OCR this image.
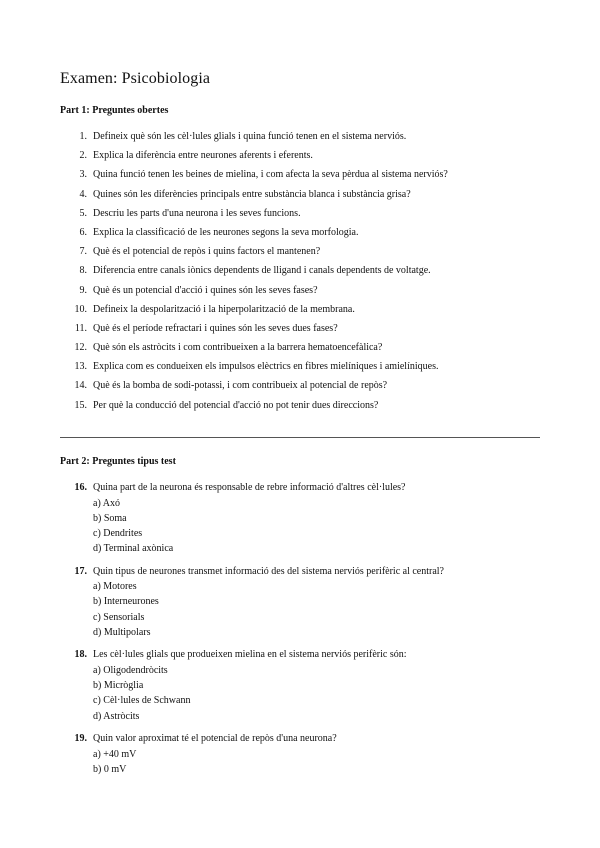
Examen: Psicobiologia
Part 1: Preguntes obertes
1. Defineix què són les cèl·lules glials i quina funció tenen en el sistema nerviós.
2. Explica la diferència entre neurones aferents i eferents.
3. Quina funció tenen les beines de mielina, i com afecta la seva pèrdua al sistema nerviós?
4. Quines són les diferències principals entre substància blanca i substància grisa?
5. Descriu les parts d'una neurona i les seves funcions.
6. Explica la classificació de les neurones segons la seva morfologia.
7. Què és el potencial de repòs i quins factors el mantenen?
8. Diferencia entre canals iònics dependents de lligand i canals dependents de voltatge.
9. Què és un potencial d'acció i quines són les seves fases?
10. Defineix la despolarització i la hiperpolarització de la membrana.
11. Què és el període refractari i quines són les seves dues fases?
12. Què són els astròcits i com contribueixen a la barrera hematoencefàlica?
13. Explica com es condueixen els impulsos elèctrics en fibres mielíniques i amielíniques.
14. Què és la bomba de sodi-potassi, i com contribueix al potencial de repòs?
15. Per què la conducció del potencial d'acció no pot tenir dues direccions?
Part 2: Preguntes tipus test
16. Quina part de la neurona és responsable de rebre informació d'altres cèl·lules?
a) Axó
b) Soma
c) Dendrites
d) Terminal axònica
17. Quin tipus de neurones transmet informació des del sistema nerviós perifèric al central?
a) Motores
b) Interneurones
c) Sensorials
d) Multipolars
18. Les cèl·lules glials que produeixen mielina en el sistema nerviós perifèric són:
a) Oligodendròcits
b) Micròglia
c) Cèl·lules de Schwann
d) Astròcits
19. Quin valor aproximat té el potencial de repòs d'una neurona?
a) +40 mV
b) 0 mV
